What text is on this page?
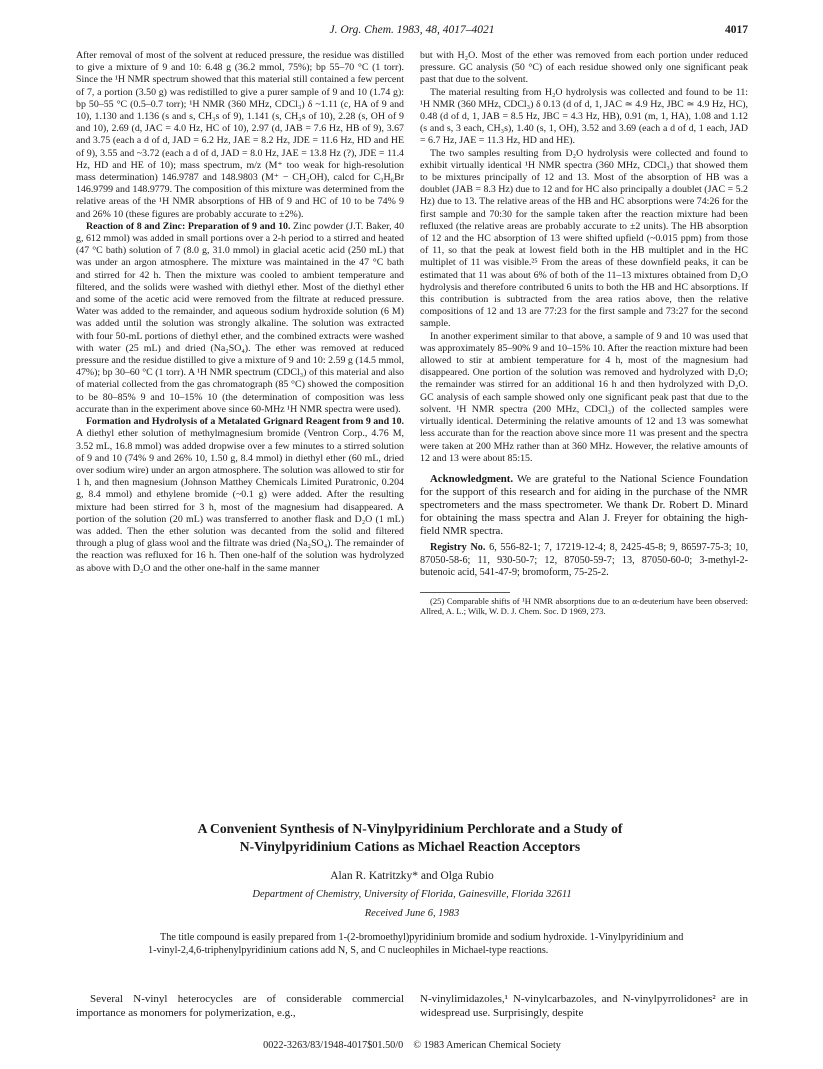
J. Org. Chem. 1983, 48, 4017–4021	4017

After removal of most of the solvent at reduced pressure, the residue was distilled to give a mixture of 9 and 10: 6.48 g (36.2 mmol, 75%); bp 55–70 °C (1 torr). Since the ¹H NMR spectrum showed that this material still contained a few percent of 7, a portion (3.50 g) was redistilled to give a purer sample of 9 and 10 (1.74 g): bp 50–55 °C (0.5–0.7 torr); ¹H NMR (360 MHz, CDCl₃) δ ~1.11 (c, HA of 9 and 10), 1.130 and 1.136 (s and s, CH₃s of 9), 1.141 (s, CH₃s of 10), 2.28 (s, OH of 9 and 10), 2.69 (d, JAC = 4.0 Hz, HC of 10), 2.97 (d, JAB = 7.6 Hz, HB of 9), 3.67 and 3.75 (each a d of d, JAD = 6.2 Hz, JAE = 8.2 Hz, JDE = 11.6 Hz, HD and HE of 9), 3.55 and ~3.72 (each a d of d, JAD = 8.0 Hz, JAE = 13.8 Hz (?), JDE = 11.4 Hz, HD and HE of 10); mass spectrum, m/z (M⁺ too weak for high-resolution mass determination) 146.9787 and 148.9803 (M⁺ − CH₂OH), calcd for C₃H₆Br 146.9799 and 148.9779. The composition of this mixture was determined from the relative areas of the ¹H NMR absorptions of HB of 9 and HC of 10 to be 74% 9 and 26% 10 (these figures are probably accurate to ±2%).

Reaction of 8 and Zinc: Preparation of 9 and 10. Zinc powder (J.T. Baker, 40 g, 612 mmol) was added in small portions over a 2-h period to a stirred and heated (47 °C bath) solution of 7 (8.0 g, 31.0 mmol) in glacial acetic acid (250 mL) that was under an argon atmosphere. The mixture was maintained in the 47 °C bath and stirred for 42 h. Then the mixture was cooled to ambient temperature and filtered, and the solids were washed with diethyl ether. Most of the diethyl ether and some of the acetic acid were removed from the filtrate at reduced pressure. Water was added to the remainder, and aqueous sodium hydroxide solution (6 M) was added until the solution was strongly alkaline. The solution was extracted with four 50-mL portions of diethyl ether, and the combined extracts were washed with water (25 mL) and dried (Na₂SO₄). The ether was removed at reduced pressure and the residue distilled to give a mixture of 9 and 10: 2.59 g (14.5 mmol, 47%); bp 30–60 °C (1 torr). A ¹H NMR spectrum (CDCl₃) of this material and also of material collected from the gas chromatograph (85 °C) showed the composition to be 80–85% 9 and 10–15% 10 (the determination of composition was less accurate than in the experiment above since 60-MHz ¹H NMR spectra were used).

Formation and Hydrolysis of a Metalated Grignard Reagent from 9 and 10. A diethyl ether solution of methylmagnesium bromide (Ventron Corp., 4.76 M, 3.52 mL, 16.8 mmol) was added dropwise over a few minutes to a stirred solution of 9 and 10 (74% 9 and 26% 10, 1.50 g, 8.4 mmol) in diethyl ether (60 mL, dried over sodium wire) under an argon atmosphere. The solution was allowed to stir for 1 h, and then magnesium (Johnson Matthey Chemicals Limited Puratronic, 0.204 g, 8.4 mmol) and ethylene bromide (~0.1 g) were added. After the resulting mixture had been stirred for 3 h, most of the magnesium had disappeared. A portion of the solution (20 mL) was transferred to another flask and D₂O (1 mL) was added. Then the ether solution was decanted from the solid and filtered through a plug of glass wool and the filtrate was dried (Na₂SO₄). The remainder of the reaction was refluxed for 16 h. Then one-half of the solution was hydrolyzed as above with D₂O and the other one-half in the same manner

but with H₂O. Most of the ether was removed from each portion under reduced pressure. GC analysis (50 °C) of each residue showed only one significant peak past that due to the solvent.

The material resulting from H₂O hydrolysis was collected and found to be 11: ¹H NMR (360 MHz, CDCl₃) δ 0.13 (d of d, 1, JAC ≃ 4.9 Hz, JBC ≃ 4.9 Hz, HC), 0.48 (d of d, 1, JAB = 8.5 Hz, JBC = 4.3 Hz, HB), 0.91 (m, 1, HA), 1.08 and 1.12 (s and s, 3 each, CH₃s), 1.40 (s, 1, OH), 3.52 and 3.69 (each a d of d, 1 each, JAD = 6.7 Hz, JAE = 11.3 Hz, HD and HE).

The two samples resulting from D₂O hydrolysis were collected and found to exhibit virtually identical ¹H NMR spectra (360 MHz, CDCl₃) that showed them to be mixtures principally of 12 and 13. Most of the absorption of HB was a doublet (JAB = 8.3 Hz) due to 12 and for HC also principally a doublet (JAC = 5.2 Hz) due to 13. The relative areas of the HB and HC absorptions were 74:26 for the first sample and 70:30 for the sample taken after the reaction mixture had been refluxed (the relative areas are probably accurate to ±2 units). The HB absorption of 12 and the HC absorption of 13 were shifted upfield (~0.015 ppm) from those of 11, so that the peak at lowest field both in the HB multiplet and in the HC multiplet of 11 was visible.²⁵ From the areas of these downfield peaks, it can be estimated that 11 was about 6% of both of the 11–13 mixtures obtained from D₂O hydrolysis and therefore contributed 6 units to both the HB and HC absorptions. If this contribution is subtracted from the area ratios above, then the relative compositions of 12 and 13 are 77:23 for the first sample and 73:27 for the second sample.

In another experiment similar to that above, a sample of 9 and 10 was used that was approximately 85–90% 9 and 10–15% 10. After the reaction mixture had been allowed to stir at ambient temperature for 4 h, most of the magnesium had disappeared. One portion of the solution was removed and hydrolyzed with D₂O; the remainder was stirred for an additional 16 h and then hydrolyzed with D₂O. GC analysis of each sample showed only one significant peak past that due to the solvent. ¹H NMR spectra (200 MHz, CDCl₃) of the collected samples were virtually identical. Determining the relative amounts of 12 and 13 was somewhat less accurate than for the reaction above since more 11 was present and the spectra were taken at 200 MHz rather than at 360 MHz. However, the relative amounts of 12 and 13 were about 85:15.

Acknowledgment. We are grateful to the National Science Foundation for the support of this research and for aiding in the purchase of the NMR spectrometers and the mass spectrometer. We thank Dr. Robert D. Minard for obtaining the mass spectra and Alan J. Freyer for obtaining the high-field NMR spectra.

Registry No. 6, 556-82-1; 7, 17219-12-4; 8, 2425-45-8; 9, 86597-75-3; 10, 87050-58-6; 11, 930-50-7; 12, 87050-59-7; 13, 87050-60-0; 3-methyl-2-butenoic acid, 541-47-9; bromoform, 75-25-2.

(25) Comparable shifts of ¹H NMR absorptions due to an α-deuterium have been observed: Allred, A. L.; Wilk, W. D. J. Chem. Soc. D 1969, 273.

A Convenient Synthesis of N-Vinylpyridinium Perchlorate and a Study of
N-Vinylpyridinium Cations as Michael Reaction Acceptors
Alan R. Katritzky* and Olga Rubio
Department of Chemistry, University of Florida, Gainesville, Florida 32611
Received June 6, 1983
The title compound is easily prepared from 1-(2-bromoethyl)pyridinium bromide and sodium hydroxide. 1-Vinylpyridinium and 1-vinyl-2,4,6-triphenylpyridinium cations add N, S, and C nucleophiles in Michael-type reactions.
Several N-vinyl heterocycles are of considerable commercial importance as monomers for polymerization, e.g.,
N-vinylimidazoles,¹ N-vinylcarbazoles, and N-vinylpyrrolidones² are in widespread use. Surprisingly, despite
0022-3263/83/1948-4017$01.50/0 © 1983 American Chemical Society
